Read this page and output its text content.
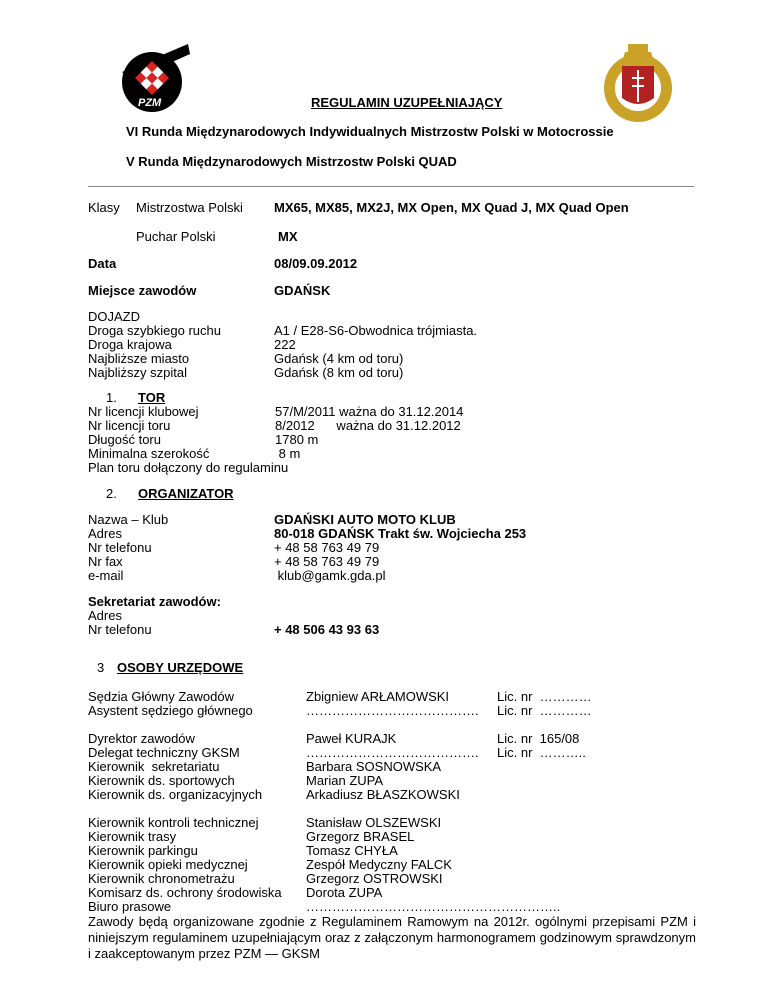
PZM	REGULAMIN UZUPEŁNIAJĄCY
VI Runda Międzynarodowych Indywidualnych Mistrzostw Polski w Motocrossie
V Runda Międzynarodowych Mistrzostw Polski QUAD
Klasy Mistrzostwa Polski MX65, MX85, MX2J, MX Open, MX Quad J, MX Quad Open
Puchar Polski	MX
Data	08/09.09.2012
Miejsce zawodów	GDAŃSK
DOJAZD
Droga szybkiego ruchu	A1 / E28-S6-Obwodnica trójmiasta.
Droga krajowa	222
Najbliższe miasto	Gdańsk (4 km od toru)
Najbliższy szpital	Gdańsk (8 km od toru)
1. TOR
Nr licencji klubowej	57/M/2011 ważna do 31.12.2014
Nr licencji toru	8/2012      ważna do 31.12.2012
Długość toru	1780 m
Minimalna szerokość	8 m
Plan toru dołączony do regulaminu
2. ORGANIZATOR
Nazwa – Klub	GDAŃSKI AUTO MOTO KLUB
Adres	80-018 GDAŃSK Trakt św. Wojciecha 253
Nr telefonu	+ 48 58 763 49 79
Nr fax	+ 48 58 763 49 79
e-mail	klub@gamk.gda.pl
Sekretariat zawodów:
Adres
Nr telefonu	+ 48 506 43 93 63
3 OSOBY URZĘDOWE
Sędzia Główny Zawodów	Zbigniew ARŁAMOWSKI	Lic. nr  …………
Asystent sędziego głównego	…………………………………. Lic. nr  …………
Dyrektor zawodów	Paweł KURAJK	Lic. nr  165/08
Delegat techniczny GKSM	…………………………………. Lic. nr  ………..
Kierownik  sekretariatu	Barbara SOSNOWSKA
Kierownik ds. sportowych	Marian ZUPA
Kierownik ds. organizacyjnych	Arkadiusz BŁASZKOWSKI
Kierownik kontroli technicznej	Stanisław OLSZEWSKI
Kierownik trasy	Grzegorz BRASEL
Kierownik parkingu	Tomasz CHYŁA
Kierownik opieki medycznej	Zespół Medyczny FALCK
Kierownik chronometrażu	Grzegorz OSTROWSKI
Komisarz ds. ochrony środowiska Dorota ZUPA
Biuro prasowe	…………………………………………………..
Zawody będą organizowane zgodnie z Regulaminem Ramowym na 2012r. ogólnymi przepisami PZM i niniejszym regulaminem uzupełniającym oraz z załączonym harmonogramem godzinowym sprawdzonym i zaakceptowanym przez PZM — GKSM
